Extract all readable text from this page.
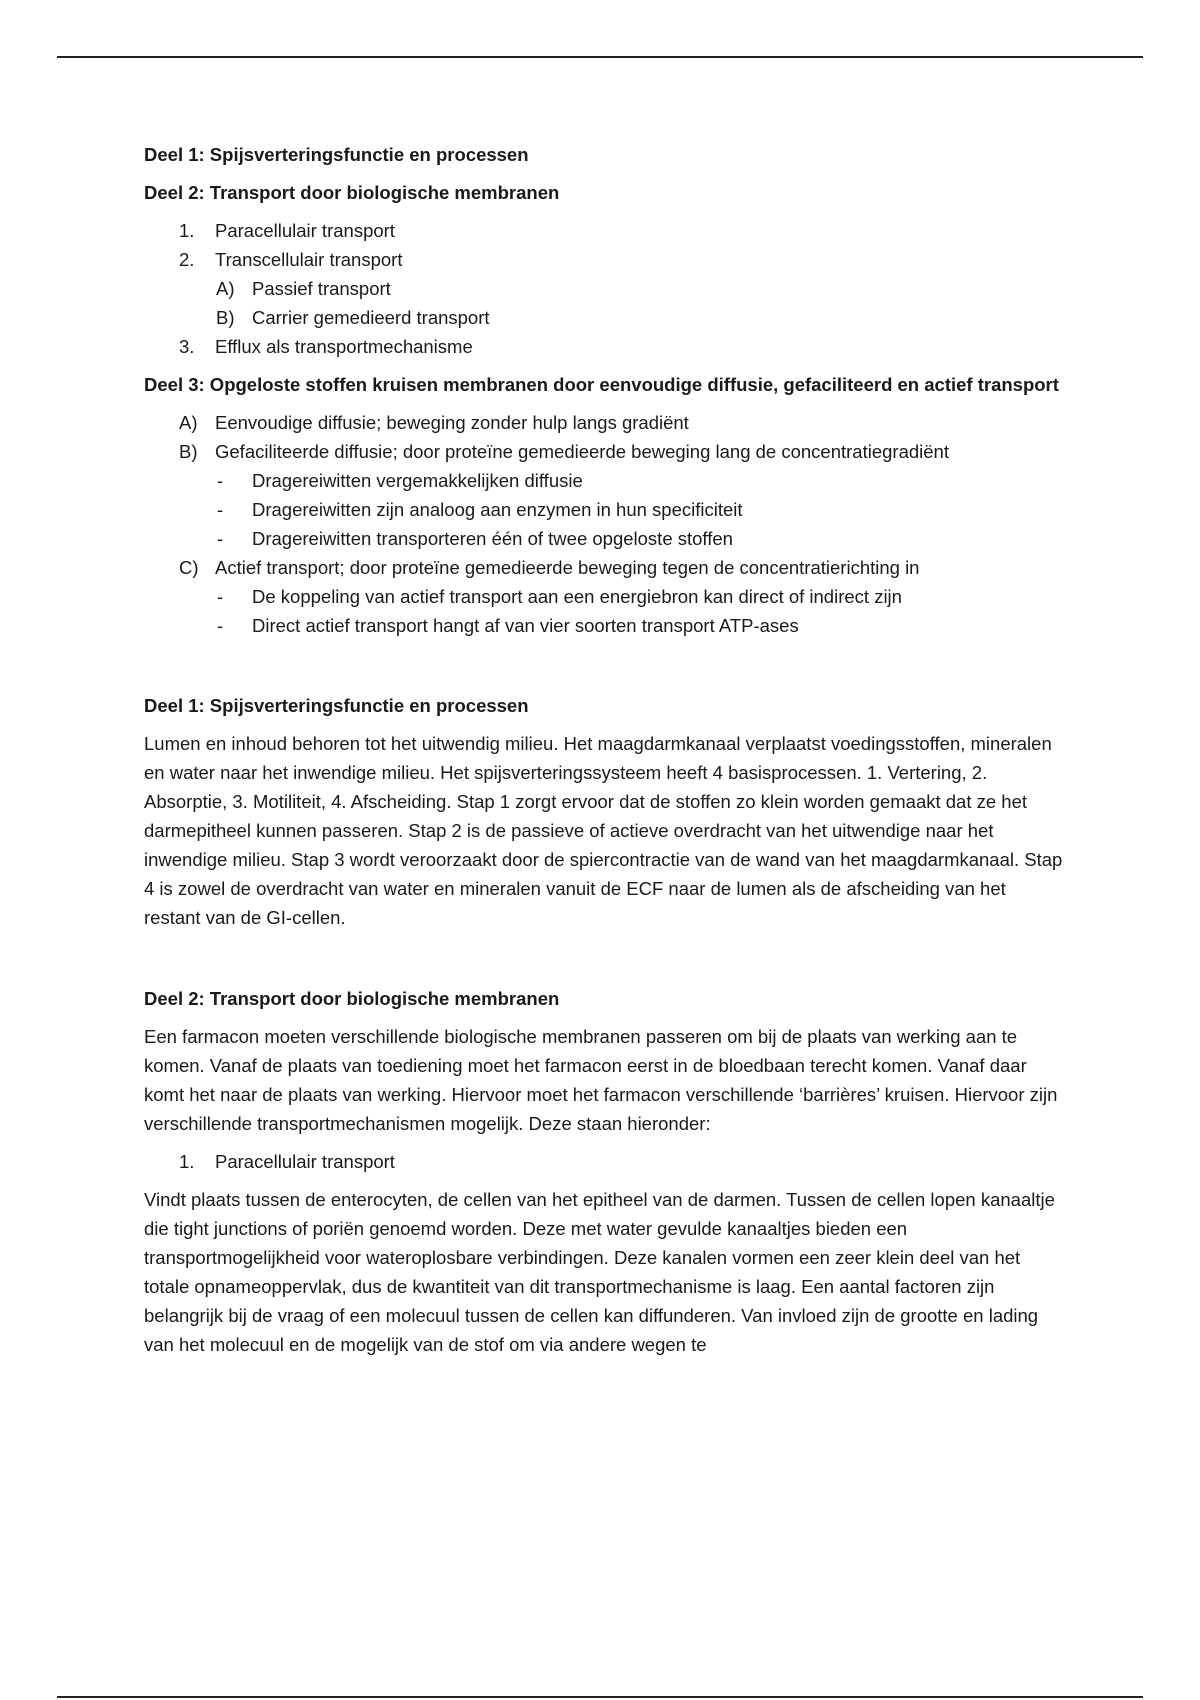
Deel 1: Spijsverteringsfunctie en processen
Deel 2: Transport door biologische membranen
1.	Paracellulair transport
2.	Transcellulair transport
A) Passief transport
B) Carrier gemedieerd transport
3.	Efflux als transportmechanisme
Deel 3: Opgeloste stoffen kruisen membranen door eenvoudige diffusie, gefaciliteerd en actief transport
A) Eenvoudige diffusie; beweging zonder hulp langs gradiënt
B) Gefaciliteerde diffusie; door proteïne gemedieerde beweging lang de concentratiegradiënt
-	Dragereiwitten vergemakkelijken diffusie
-	Dragereiwitten zijn analoog aan enzymen in hun specificiteit
-	Dragereiwitten transporteren één of twee opgeloste stoffen
C) Actief transport; door proteïne gemedieerde beweging tegen de concentratierichting in
-	De koppeling van actief transport aan een energiebron kan direct of indirect zijn
-	Direct actief transport hangt af van vier soorten transport ATP-ases
Deel 1: Spijsverteringsfunctie en processen

Lumen en inhoud behoren tot het uitwendig milieu. Het maagdarmkanaal verplaatst voedingsstoffen, mineralen en water naar het inwendige milieu. Het spijsverteringssysteem heeft 4 basisprocessen. 1. Vertering, 2. Absorptie, 3. Motiliteit, 4. Afscheiding. Stap 1 zorgt ervoor dat de stoffen zo klein worden gemaakt dat ze het darmepitheel kunnen passeren. Stap 2 is de passieve of actieve overdracht van het uitwendige naar het inwendige milieu. Stap 3 wordt veroorzaakt door de spiercontractie van de wand van het maagdarmkanaal. Stap 4 is zowel de overdracht van water en mineralen vanuit de ECF naar de lumen als de afscheiding van het restant van de GI-cellen.

Deel 2: Transport door biologische membranen

Een farmacon moeten verschillende biologische membranen passeren om bij de plaats van werking aan te komen. Vanaf de plaats van toediening moet het farmacon eerst in de bloedbaan terecht komen. Vanaf daar komt het naar de plaats van werking. Hiervoor moet het farmacon verschillende ‘barrières’ kruisen. Hiervoor zijn verschillende transportmechanismen mogelijk. Deze staan hieronder:

1.	Paracellulair transport

Vindt plaats tussen de enterocyten, de cellen van het epitheel van de darmen. Tussen de cellen lopen kanaaltje die tight junctions of poriën genoemd worden. Deze met water gevulde kanaaltjes bieden een transportmogelijkheid voor wateroplosbare verbindingen. Deze kanalen vormen een zeer klein deel van het totale opnameoppervlak, dus de kwantiteit van dit transportmechanisme is laag. Een aantal factoren zijn belangrijk bij de vraag of een molecuul tussen de cellen kan diffunderen. Van invloed zijn de grootte en lading van het molecuul en de mogelijk van de stof om via andere wegen te
